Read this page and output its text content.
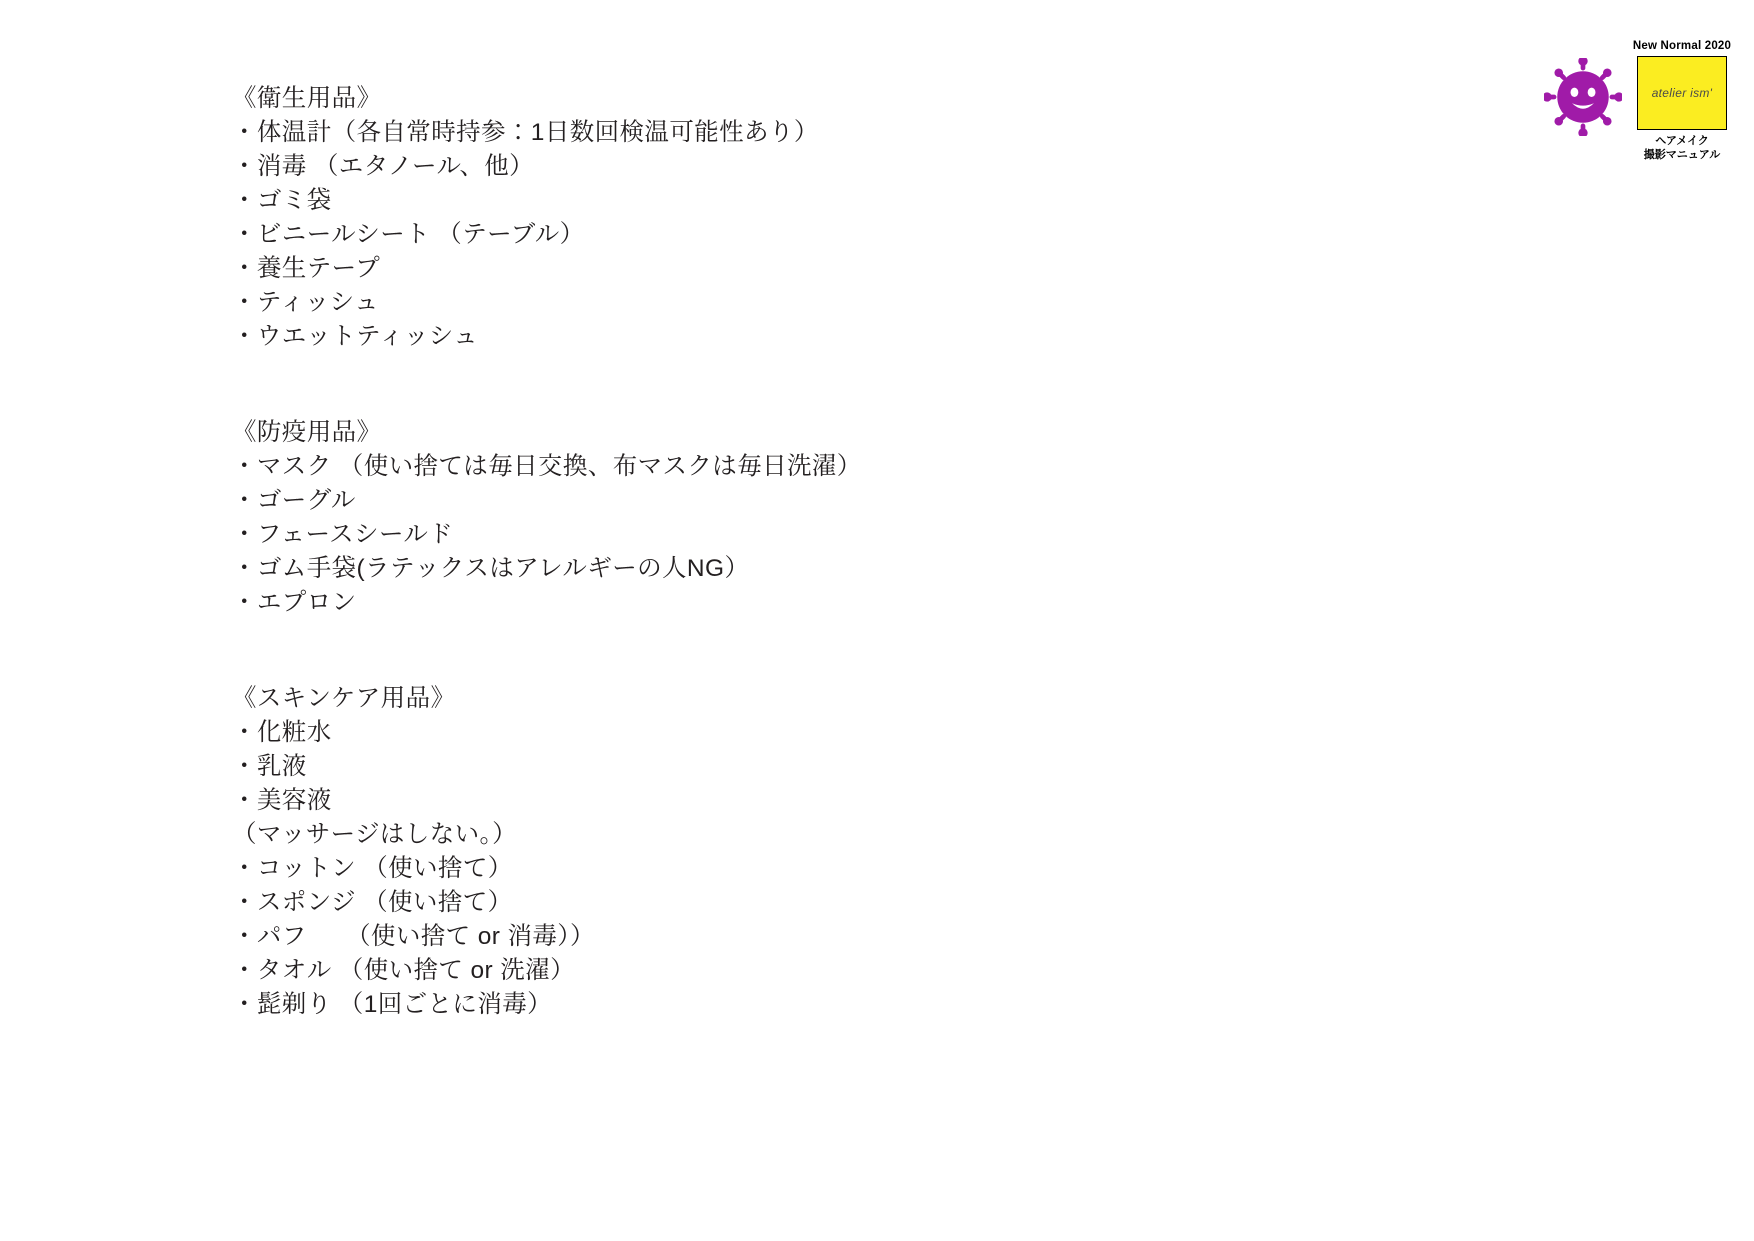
New Normal 2020
atelier ism'
ヘアメイク
撮影マニュアル
《衛生用品》
・体温計（各自常時持参：1日数回検温可能性あり）
・消毒 （エタノール、他）
・ゴミ袋
・ビニールシート （テーブル）
・養生テープ
・ティッシュ
・ウエットティッシュ
《防疫用品》
・マスク （使い捨ては毎日交換、布マスクは毎日洗濯）
・ゴーグル
・フェースシールド
・ゴム手袋(ラテックスはアレルギーの人NG）
・エプロン
《スキンケア用品》
・化粧水
・乳液
・美容液
（マッサージはしない。）
・コットン （使い捨て）
・スポンジ （使い捨て）
・パフ 　 （使い捨て or 消毒））
・タオル （使い捨て or 洗濯）
・髭剃り （1回ごとに消毒）
